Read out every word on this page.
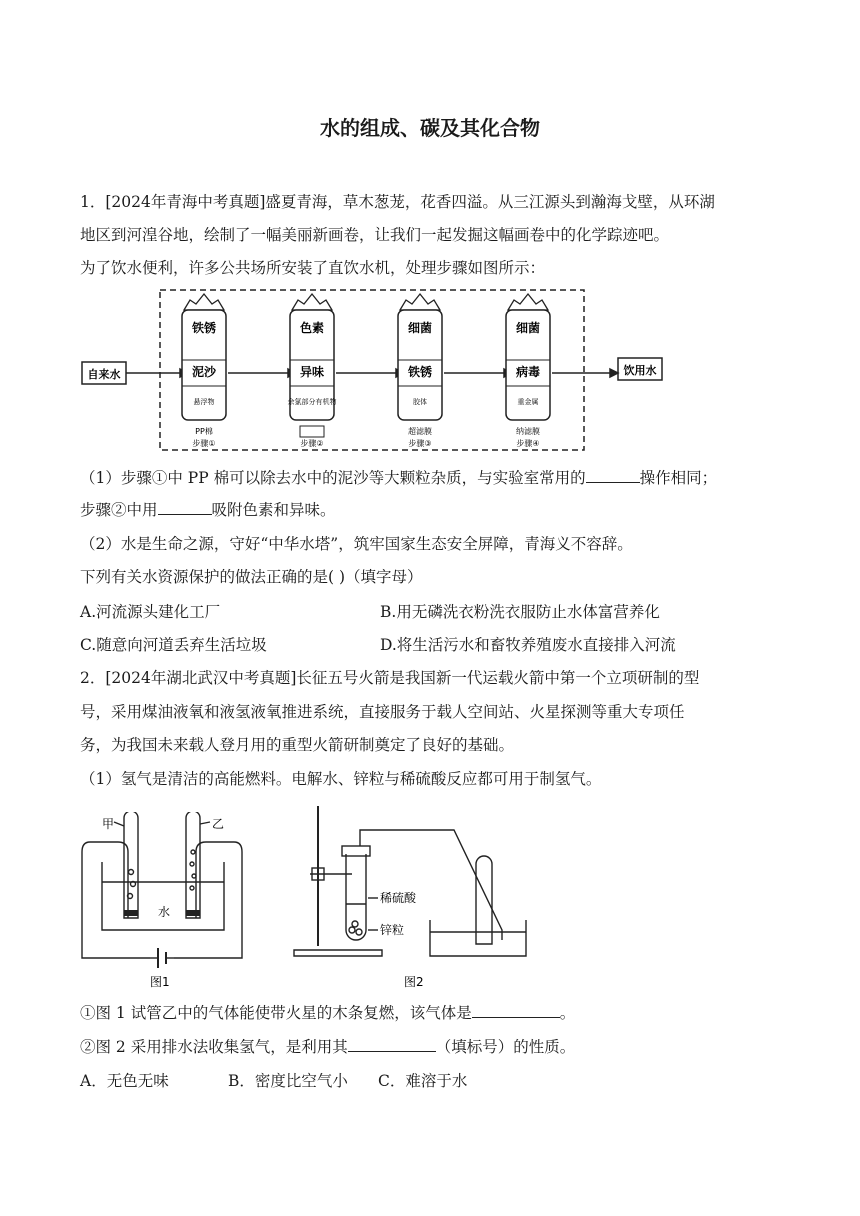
水的组成、碳及其化合物
1．[2024年青海中考真题]盛夏青海，草木葱茏，花香四溢。从三江源头到瀚海戈壁，从环湖
地区到河湟谷地，绘制了一幅美丽新画卷，让我们一起发掘这幅画卷中的化学踪迹吧。
为了饮水便利，许多公共场所安装了直饮水机，处理步骤如图所示：
自来水	饮用水
铁锈
泥沙
悬浮物
PP棉
步骤①
色素
异味
余氯部分有机物
步骤②
细菌
铁锈
胶体
超滤膜
步骤③
细菌
病毒
重金属
纳滤膜
步骤④
（1）步骤①中 PP 棉可以除去水中的泥沙等大颗粒杂质，与实验室常用的	操作相同；
步骤②中用	吸附色素和异味。
（2）水是生命之源，守好“中华水塔”，筑牢国家生态安全屏障，青海义不容辞。
下列有关水资源保护的做法正确的是( )（填字母）
A.河流源头建化工厂	B.用无磷洗衣粉洗衣服防止水体富营养化
C.随意向河道丢弃生活垃圾	D.将生活污水和畜牧养殖废水直接排入河流
2．[2024年湖北武汉中考真题]长征五号火箭是我国新一代运载火箭中第一个立项研制的型
号，采用煤油液氧和液氢液氧推进系统，直接服务于载人空间站、火星探测等重大专项任
务，为我国未来载人登月用的重型火箭研制奠定了良好的基础。
（1）氢气是清洁的高能燃料。电解水、锌粒与稀硫酸反应都可用于制氢气。
甲	乙
水
图1
稀硫酸
锌粒
图2
①图 1 试管乙中的气体能使带火星的木条复燃，该气体是	。
②图 2 采用排水法收集氢气，是利用其	（填标号）的性质。
A．无色无味	B．密度比空气小 C．难溶于水
